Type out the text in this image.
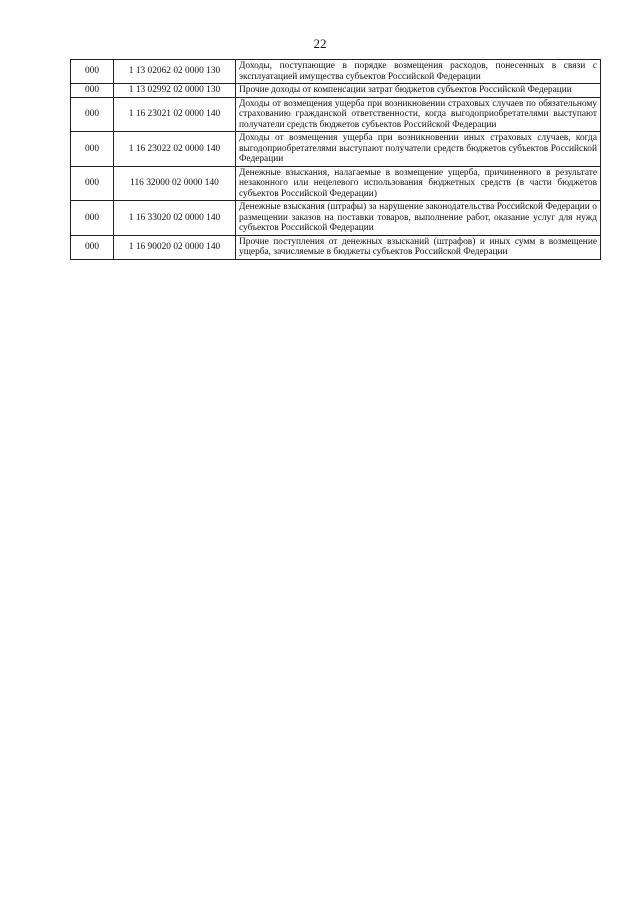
22
000	1 13 02062 02 0000 130	Доходы, поступающие в порядке возмещения расходов, понесенных в связи с эксплуатацией имущества субъектов Российской Федерации
000	1 13 02992 02 0000 130	Прочие доходы от компенсации затрат бюджетов субъектов Российской Федерации
000	1 16 23021 02 0000 140	Доходы от возмещения ущерба при возникновении страховых случаев по обязательному страхованию гражданской ответственности, когда выгодоприобретателями выступают получатели средств бюджетов субъектов Российской Федерации
000	1 16 23022 02 0000 140	Доходы от возмещения ущерба при возникновении иных страховых случаев, когда выгодоприобретателями выступают получатели средств бюджетов субъектов Российской Федерации
000	116 32000 02 0000 140	Денежные взыскания, налагаемые в возмещение ущерба, причиненного в результате незаконного или нецелевого использования бюджетных средств (в части бюджетов субъектов Российской Федерации)
000	1 16 33020 02 0000 140	Денежные взыскания (штрафы) за нарушение законодательства Российской Федерации о размещении заказов на поставки товаров, выполнение работ, оказание услуг для нужд субъектов Российской Федерации
000	1 16 90020 02 0000 140	Прочие поступления от денежных взысканий (штрафов) и иных сумм в возмещение ущерба, зачисляемые в бюджеты субъектов Российской Федерации
